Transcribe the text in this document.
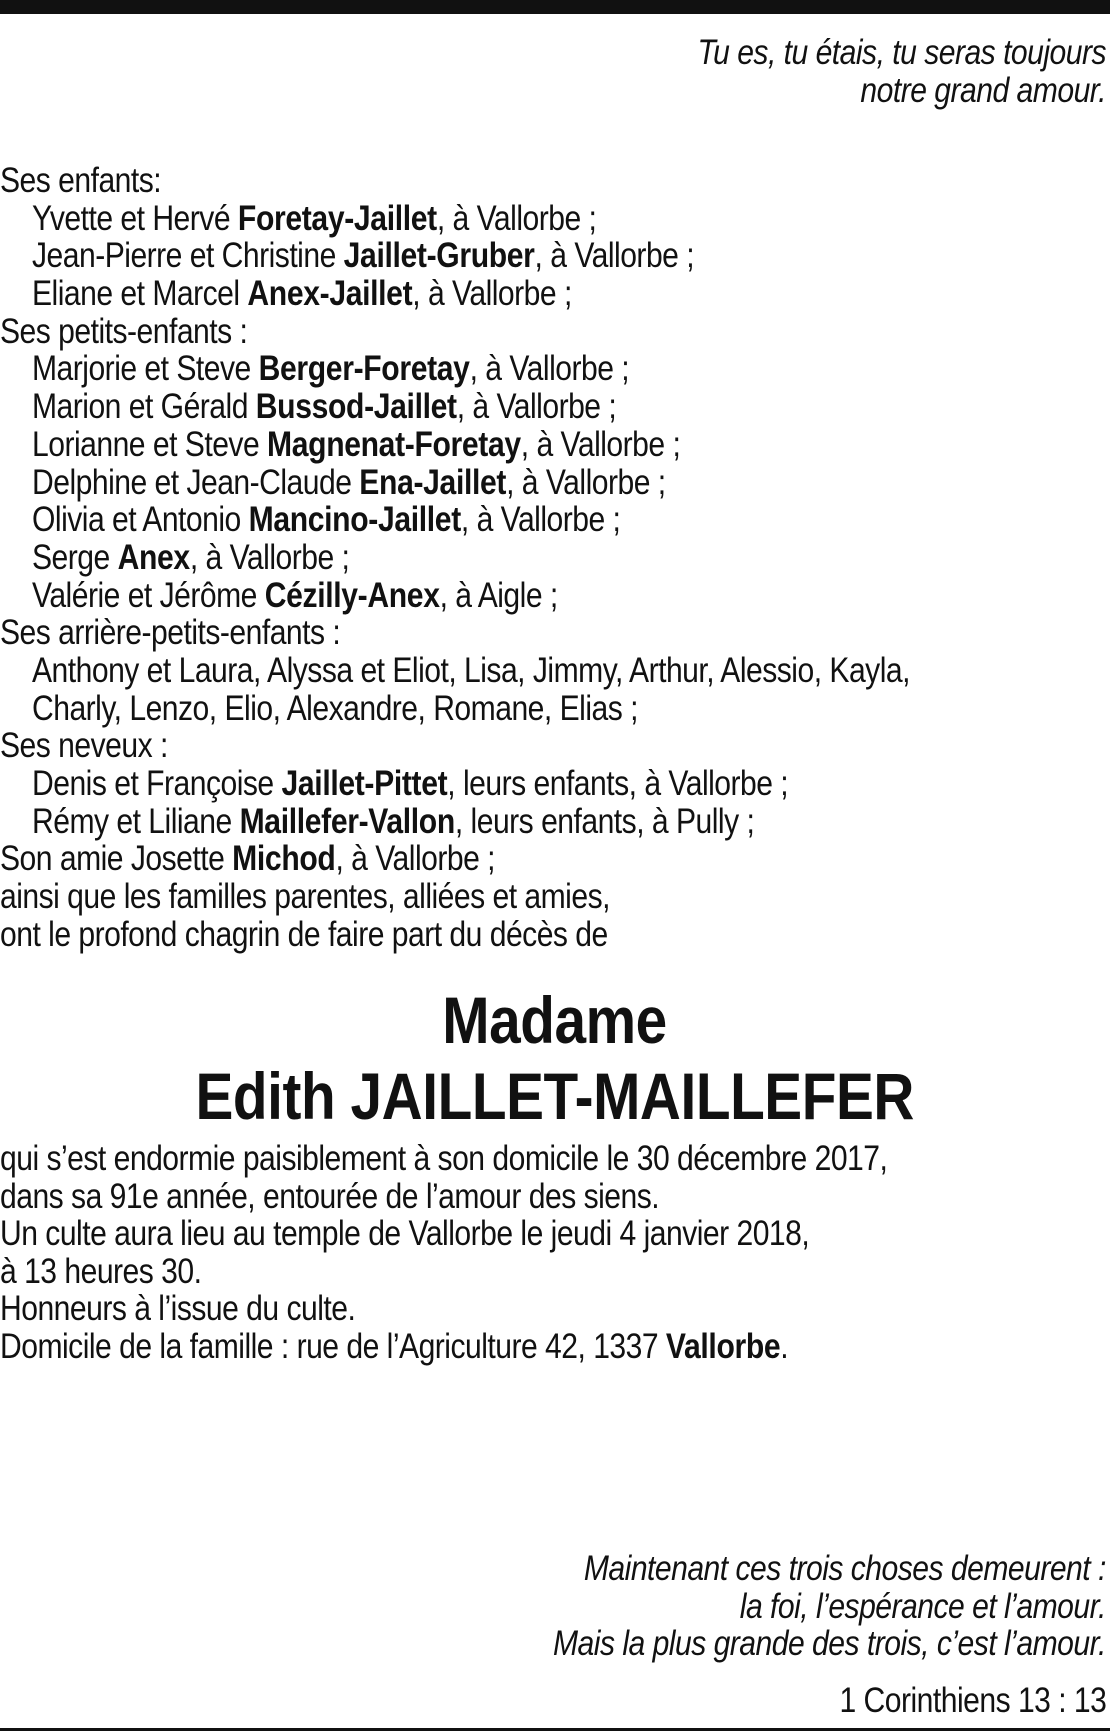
Tu es, tu étais, tu seras toujours
notre grand amour.
Ses enfants:
Yvette et Hervé Foretay-Jaillet, à Vallorbe ;
Jean-Pierre et Christine Jaillet-Gruber, à Vallorbe ;
Eliane et Marcel Anex-Jaillet, à Vallorbe ;
Ses petits-enfants :
Marjorie et Steve Berger-Foretay, à Vallorbe ;
Marion et Gérald Bussod-Jaillet, à Vallorbe ;
Lorianne et Steve Magnenat-Foretay, à Vallorbe ;
Delphine et Jean-Claude Ena-Jaillet, à Vallorbe ;
Olivia et Antonio Mancino-Jaillet, à Vallorbe ;
Serge Anex, à Vallorbe ;
Valérie et Jérôme Cézilly-Anex, à Aigle ;
Ses arrière-petits-enfants :
Anthony et Laura, Alyssa et Eliot, Lisa, Jimmy, Arthur, Alessio, Kayla,
Charly, Lenzo, Elio, Alexandre, Romane, Elias ;
Ses neveux :
Denis et Françoise Jaillet-Pittet, leurs enfants, à Vallorbe ;
Rémy et Liliane Maillefer-Vallon, leurs enfants, à Pully ;
Son amie Josette Michod, à Vallorbe ;
ainsi que les familles parentes, alliées et amies,
ont le profond chagrin de faire part du décès de
Madame
Edith JAILLET-MAILLEFER
qui s’est endormie paisiblement à son domicile le 30 décembre 2017,
dans sa 91e année, entourée de l’amour des siens.
Un culte aura lieu au temple de Vallorbe le jeudi 4 janvier 2018,
à 13 heures 30.
Honneurs à l’issue du culte.
Domicile de la famille : rue de l’Agriculture 42, 1337 Vallorbe.
Maintenant ces trois choses demeurent :
la foi, l’espérance et l’amour.
Mais la plus grande des trois, c’est l’amour.
1 Corinthiens 13 : 13
